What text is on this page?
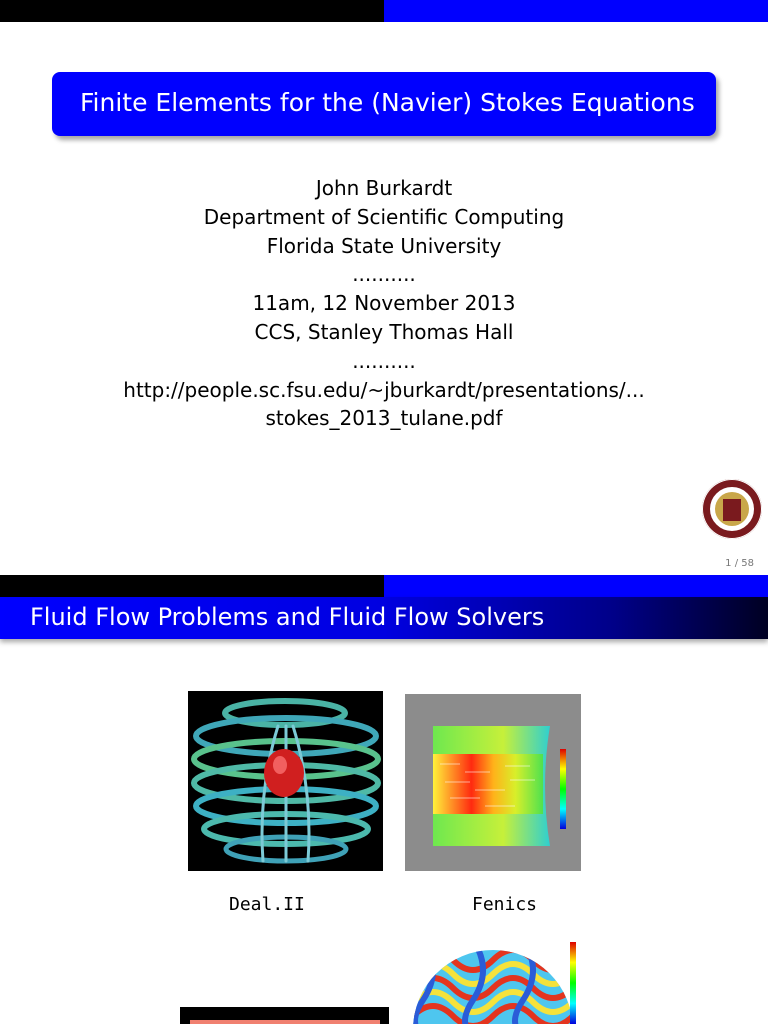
Finite Elements for the (Navier) Stokes Equations
John Burkardt
Department of Scientific Computing
Florida State University
..........
11am, 12 November 2013
CCS, Stanley Thomas Hall
..........
http://people.sc.fsu.edu/~jburkardt/presentations/...
stokes_2013_tulane.pdf
1 / 58
Fluid Flow Problems and Fluid Flow Solvers
Deal.II	Fenics
